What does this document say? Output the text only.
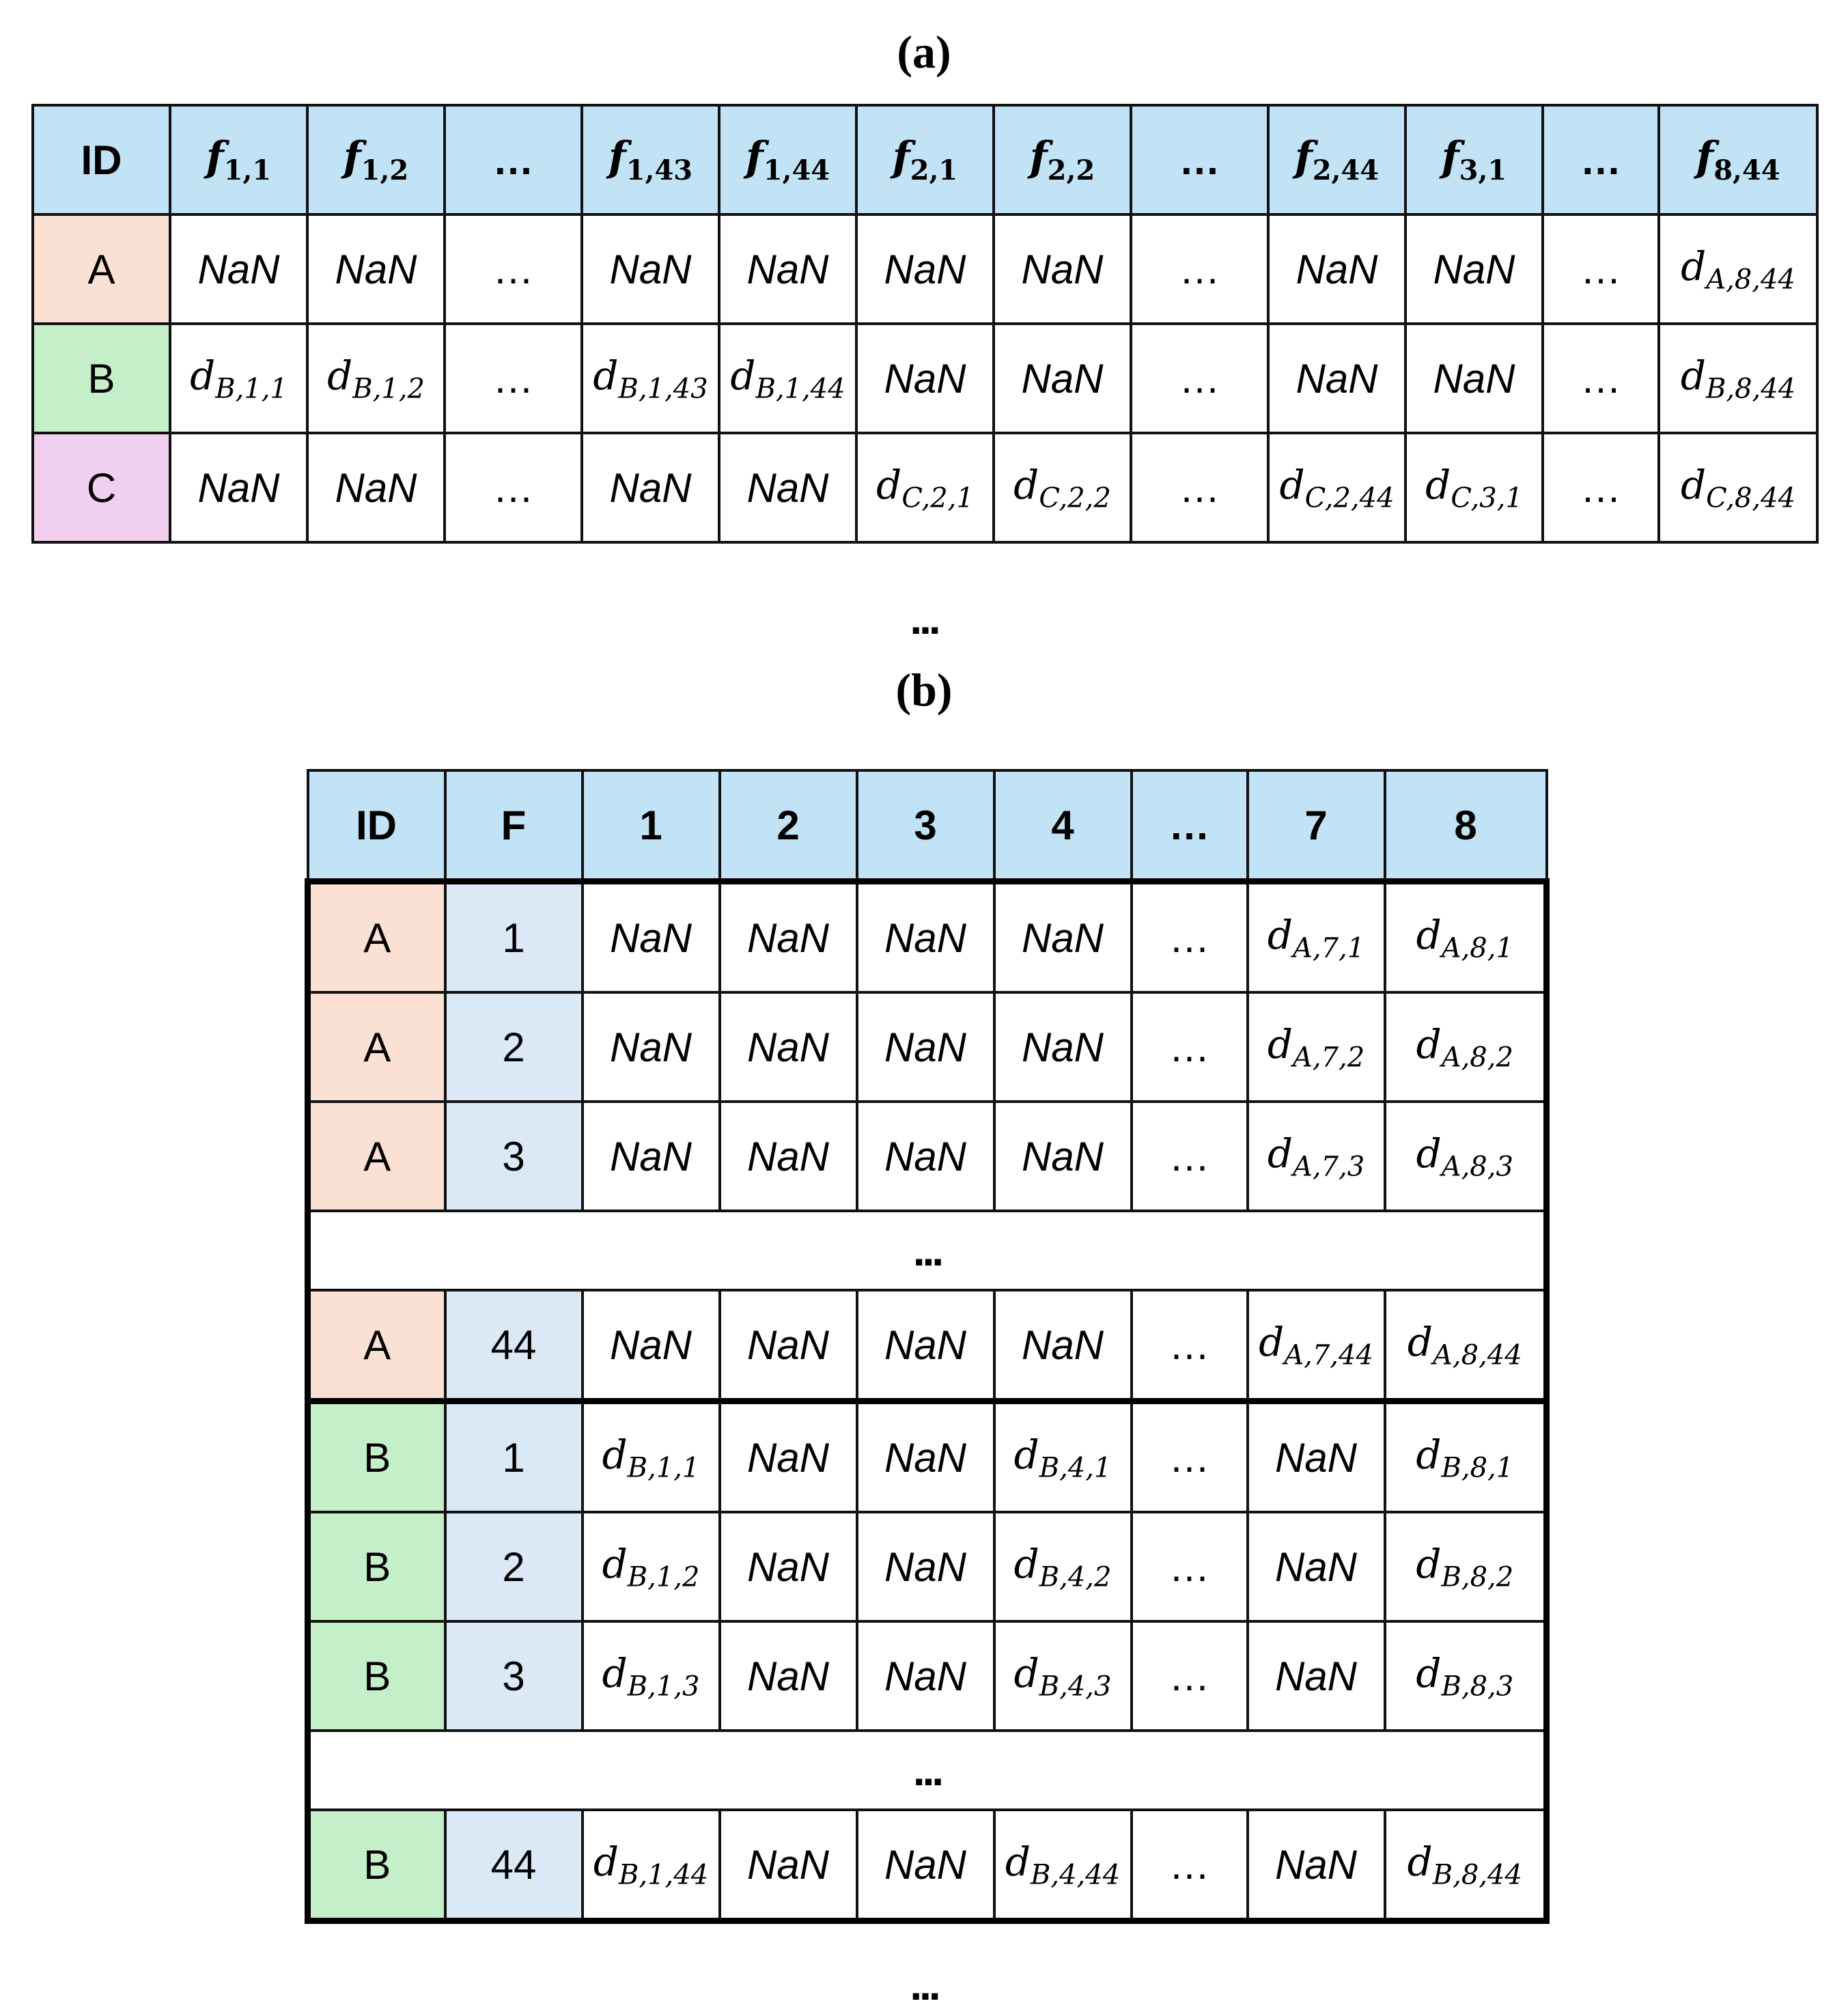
(a)
ID	$f_{1,1}$	$f_{1,2}$	…	$f_{1,43}$	$f_{1,44}$	$f_{2,1}$	$f_{2,2}$	…	$f_{2,44}$	$f_{3,1}$	…	$f_{8,44}$
A	NaN	NaN	…	NaN	NaN	NaN	NaN	…	NaN	NaN	…	$d_{A,8,44}$
B	$d_{B,1,1}$	$d_{B,1,2}$	…	$d_{B,1,43}$	$d_{B,1,44}$	NaN	NaN	…	NaN	NaN	…	$d_{B,8,44}$
C	NaN	NaN	…	NaN	NaN	$d_{C,2,1}$	$d_{C,2,2}$	…	$d_{C,2,44}$	$d_{C,3,1}$	…	$d_{C,8,44}$
...
(b)
ID	F	1	2	3	4	…	7	8
A	1	NaN	NaN	NaN	NaN	…	$d_{A,7,1}$	$d_{A,8,1}$
A	2	NaN	NaN	NaN	NaN	…	$d_{A,7,2}$	$d_{A,8,2}$
A	3	NaN	NaN	NaN	NaN	…	$d_{A,7,3}$	$d_{A,8,3}$
...								
A	44	NaN	NaN	NaN	NaN	…	$d_{A,7,44}$	$d_{A,8,44}$
B	1	$d_{B,1,1}$	NaN	NaN	$d_{B,4,1}$	…	NaN	$d_{B,8,1}$
B	2	$d_{B,1,2}$	NaN	NaN	$d_{B,4,2}$	…	NaN	$d_{B,8,2}$
B	3	$d_{B,1,3}$	NaN	NaN	$d_{B,4,3}$	…	NaN	$d_{B,8,3}$
...								
B	44	$d_{B,1,44}$	NaN	NaN	$d_{B,4,44}$	…	NaN	$d_{B,8,44}$
...
